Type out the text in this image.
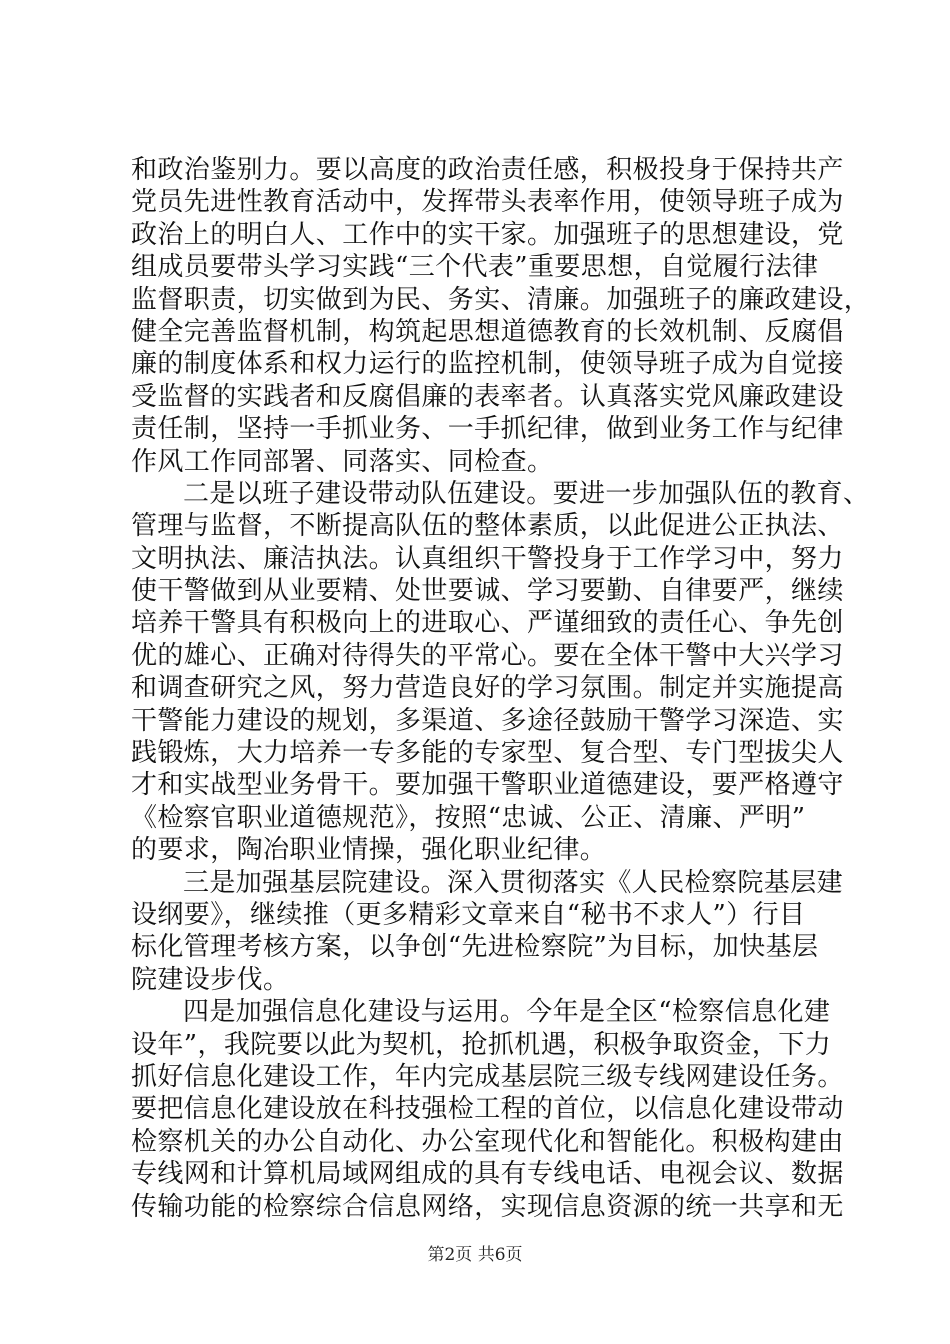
和政治鉴别力。要以高度的政治责任感，积极投身于保持共产
党员先进性教育活动中，发挥带头表率作用，使领导班子成为
政治上的明白人、工作中的实干家。加强班子的思想建设，党
组成员要带头学习实践“三个代表”重要思想，自觉履行法律
监督职责，切实做到为民、务实、清廉。加强班子的廉政建设，
健全完善监督机制，构筑起思想道德教育的长效机制、反腐倡
廉的制度体系和权力运行的监控机制，使领导班子成为自觉接
受监督的实践者和反腐倡廉的表率者。认真落实党风廉政建设
责任制，坚持一手抓业务、一手抓纪律，做到业务工作与纪律
作风工作同部署、同落实、同检查。
二是以班子建设带动队伍建设。要进一步加强队伍的教育、
管理与监督，不断提高队伍的整体素质，以此促进公正执法、
文明执法、廉洁执法。认真组织干警投身于工作学习中，努力
使干警做到从业要精、处世要诚、学习要勤、自律要严，继续
培养干警具有积极向上的进取心、严谨细致的责任心、争先创
优的雄心、正确对待得失的平常心。要在全体干警中大兴学习
和调查研究之风，努力营造良好的学习氛围。制定并实施提高
干警能力建设的规划，多渠道、多途径鼓励干警学习深造、实
践锻炼，大力培养一专多能的专家型、复合型、专门型拔尖人
才和实战型业务骨干。要加强干警职业道德建设，要严格遵守
《检察官职业道德规范》，按照“忠诚、公正、清廉、严明”
的要求，陶冶职业情操，强化职业纪律。
三是加强基层院建设。深入贯彻落实《人民检察院基层建
设纲要》，继续推（更多精彩文章来自“秘书不求人”）行目
标化管理考核方案，以争创“先进检察院”为目标，加快基层
院建设步伐。
四是加强信息化建设与运用。今年是全区“检察信息化建
设年”，我院要以此为契机，抢抓机遇，积极争取资金，下力
抓好信息化建设工作，年内完成基层院三级专线网建设任务。
要把信息化建设放在科技强检工程的首位，以信息化建设带动
检察机关的办公自动化、办公室现代化和智能化。积极构建由
专线网和计算机局域网组成的具有专线电话、电视会议、数据
传输功能的检察综合信息网络，实现信息资源的统一共享和无
第2页 共6页
